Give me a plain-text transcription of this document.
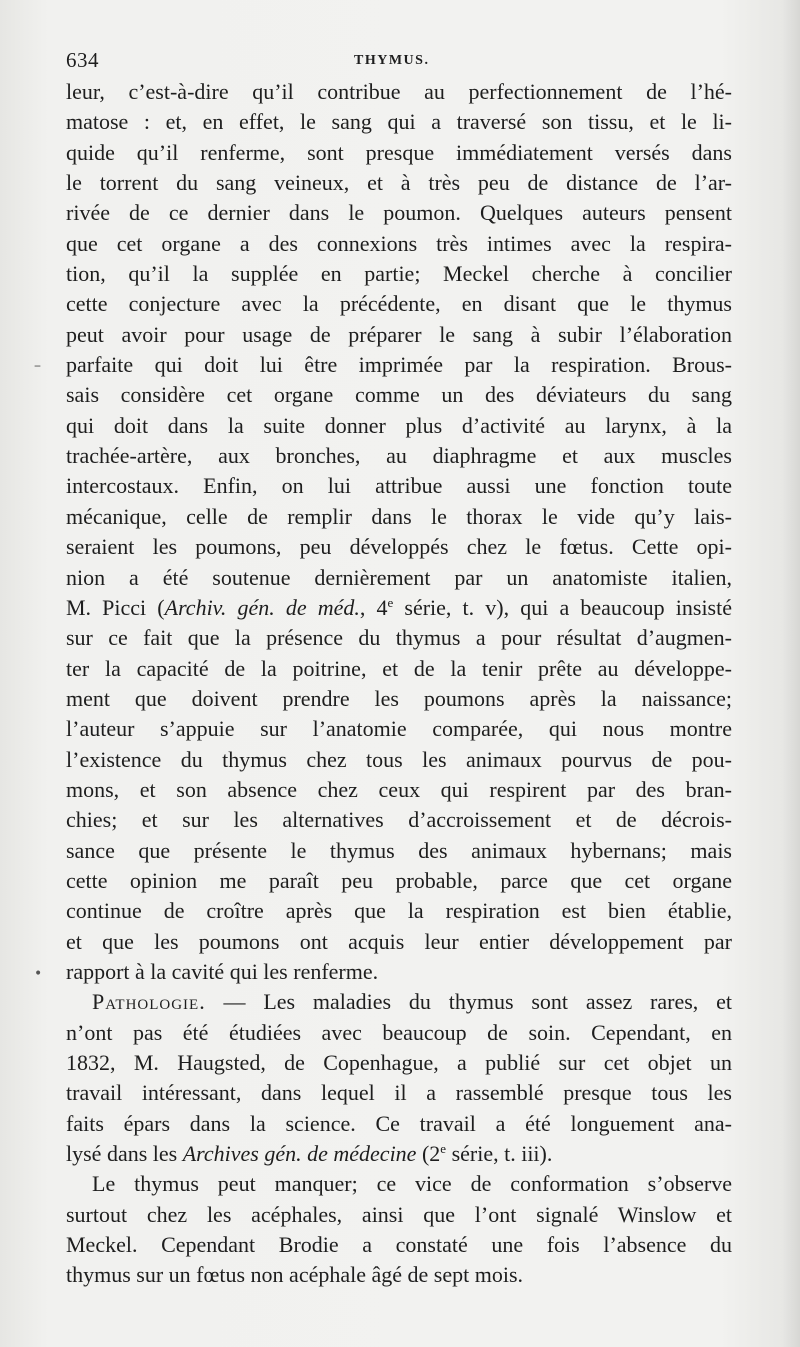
634	THYMUS.
leur, c’est-à-dire qu’il contribue au perfectionnement de l’hé-
matose : et, en effet, le sang qui a traversé son tissu, et le li-
quide qu’il renferme, sont presque immédiatement versés dans
le torrent du sang veineux, et à très peu de distance de l’ar-
rivée de ce dernier dans le poumon. Quelques auteurs pensent
que cet organe a des connexions très intimes avec la respira-
tion, qu’il la supplée en partie; Meckel cherche à concilier
cette conjecture avec la précédente, en disant que le thymus
peut avoir pour usage de préparer le sang à subir l’élaboration
parfaite qui doit lui être imprimée par la respiration. Brous-
sais considère cet organe comme un des déviateurs du sang
qui doit dans la suite donner plus d’activité au larynx, à la
trachée-artère, aux bronches, au diaphragme et aux muscles
intercostaux. Enfin, on lui attribue aussi une fonction toute
mécanique, celle de remplir dans le thorax le vide qu’y lais-
seraient les poumons, peu développés chez le fœtus. Cette opi-
nion a été soutenue dernièrement par un anatomiste italien,
M. Picci (Archiv. gén. de méd., 4e série, t. v), qui a beaucoup insisté
sur ce fait que la présence du thymus a pour résultat d’augmen-
ter la capacité de la poitrine, et de la tenir prête au développe-
ment que doivent prendre les poumons après la naissance;
l’auteur s’appuie sur l’anatomie comparée, qui nous montre
l’existence du thymus chez tous les animaux pourvus de pou-
mons, et son absence chez ceux qui respirent par des bran-
chies; et sur les alternatives d’accroissement et de décrois-
sance que présente le thymus des animaux hybernans; mais
cette opinion me paraît peu probable, parce que cet organe
continue de croître après que la respiration est bien établie,
et que les poumons ont acquis leur entier développement par
rapport à la cavité qui les renferme.
Pathologie. — Les maladies du thymus sont assez rares, et
n’ont pas été étudiées avec beaucoup de soin. Cependant, en
1832, M. Haugsted, de Copenhague, a publié sur cet objet un
travail intéressant, dans lequel il a rassemblé presque tous les
faits épars dans la science. Ce travail a été longuement ana-
lysé dans les Archives gén. de médecine (2e série, t. iii).
Le thymus peut manquer; ce vice de conformation s’observe
surtout chez les acéphales, ainsi que l’ont signalé Winslow et
Meckel. Cependant Brodie a constaté une fois l’absence du
thymus sur un fœtus non acéphale âgé de sept mois.
–
•
